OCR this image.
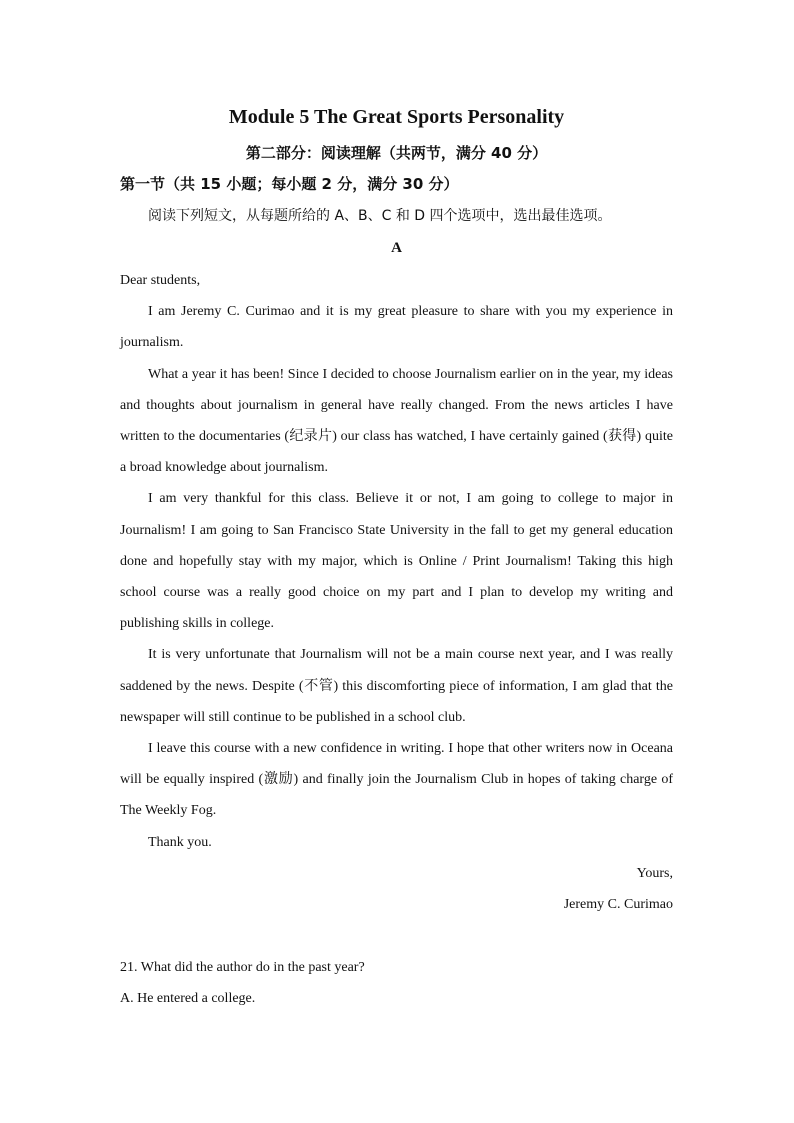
Module 5 The Great Sports Personality
第二部分：阅读理解（共两节，满分 40 分）
第一节（共 15 小题；每小题 2 分，满分 30 分）
阅读下列短文，从每题所给的 A、B、C 和 D 四个选项中，选出最佳选项。
A

Dear students,

I am Jeremy C. Curimao and it is my great pleasure to share with you my experience in journalism.

What a year it has been! Since I decided to choose Journalism earlier on in the year, my ideas and thoughts about journalism in general have really changed. From the news articles I have written to the documentaries (纪录片) our class has watched, I have certainly gained (获得) quite a broad knowledge about journalism.

I am very thankful for this class. Believe it or not, I am going to college to major in Journalism! I am going to San Francisco State University in the fall to get my general education done and hopefully stay with my major, which is Online / Print Journalism! Taking this high school course was a really good choice on my part and I plan to develop my writing and publishing skills in college.

It is very unfortunate that Journalism will not be a main course next year, and I was really saddened by the news. Despite (不管) this discomforting piece of information, I am glad that the newspaper will still continue to be published in a school club.

I leave this course with a new confidence in writing. I hope that other writers now in Oceana will be equally inspired (激励) and finally join the Journalism Club in hopes of taking charge of The Weekly Fog.

Thank you.

Yours,

Jeremy C. Curimao

21. What did the author do in the past year?

A. He entered a college.
